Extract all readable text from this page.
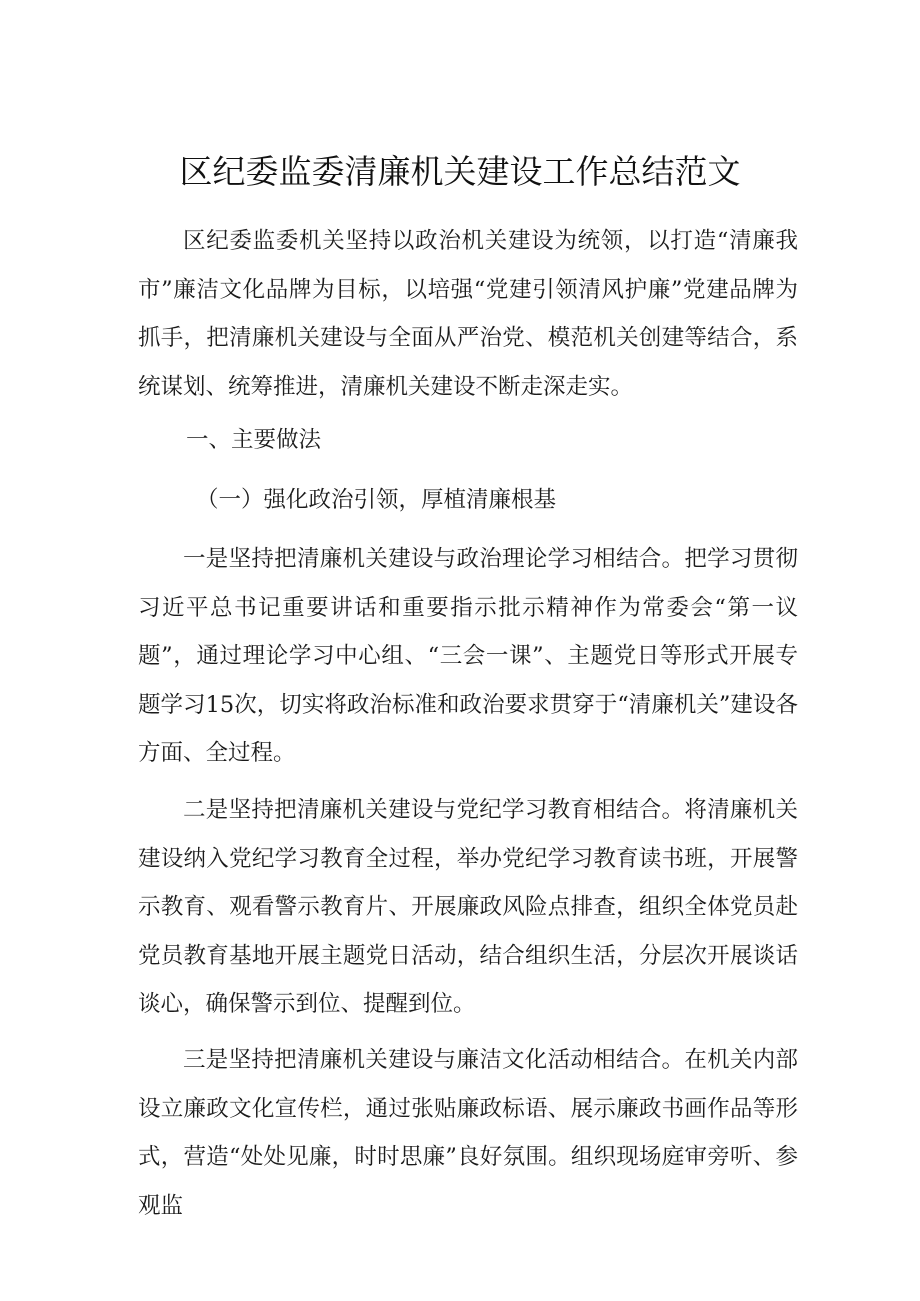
区纪委监委清廉机关建设工作总结范文

区纪委监委机关坚持以政治机关建设为统领，以打造“清廉我市”廉洁文化品牌为目标，以培强“党建引领清风护廉”党建品牌为抓手，把清廉机关建设与全面从严治党、模范机关创建等结合，系统谋划、统筹推进，清廉机关建设不断走深走实。

一、主要做法
（一）强化政治引领，厚植清廉根基

一是坚持把清廉机关建设与政治理论学习相结合。把学习贯彻习近平总书记重要讲话和重要指示批示精神作为常委会“第一议题”，通过理论学习中心组、“三会一课”、主题党日等形式开展专题学习15次，切实将政治标准和政治要求贯穿于“清廉机关”建设各方面、全过程。

二是坚持把清廉机关建设与党纪学习教育相结合。将清廉机关建设纳入党纪学习教育全过程，举办党纪学习教育读书班，开展警示教育、观看警示教育片、开展廉政风险点排查，组织全体党员赴党员教育基地开展主题党日活动，结合组织生活，分层次开展谈话谈心，确保警示到位、提醒到位。

三是坚持把清廉机关建设与廉洁文化活动相结合。在机关内部设立廉政文化宣传栏，通过张贴廉政标语、展示廉政书画作品等形式，营造“处处见廉，时时思廉”良好氛围。组织现场庭审旁听、参观监
